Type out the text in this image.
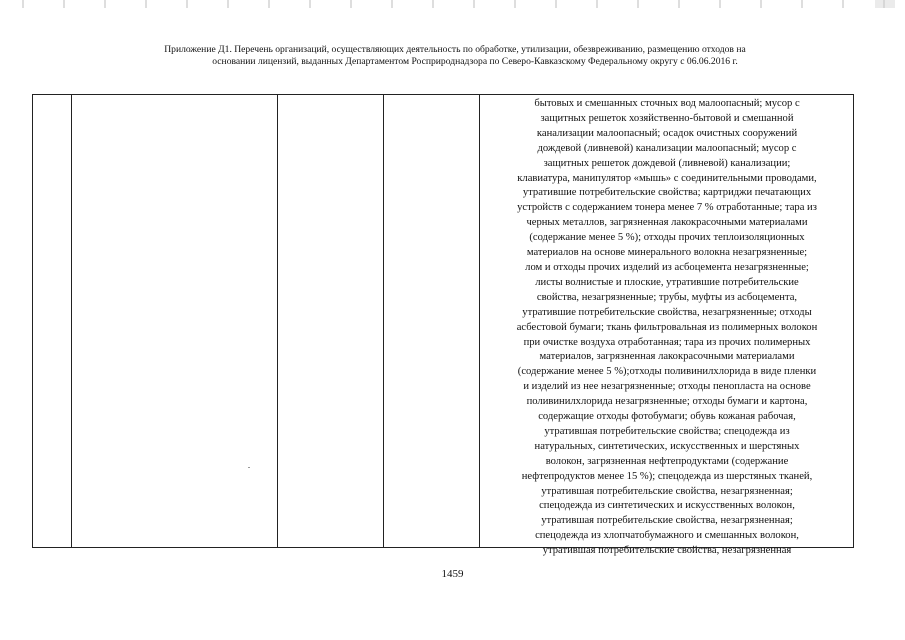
Приложение Д1. Перечень организаций, осуществляющих деятельность по обработке, утилизации, обезвреживанию, размещению отходов на
основании лицензий, выданных Департаментом Росприроднадзора по Северо-Кавказскому Федеральному округу с 06.06.2016 г.
бытовых и смешанных сточных вод малоопасный; мусор с
защитных решеток хозяйственно-бытовой и смешанной
канализации малоопасный; осадок очистных сооружений
дождевой (ливневой) канализации малоопасный; мусор с
защитных решеток дождевой (ливневой) канализации;
клавиатура, манипулятор «мышь» с соединительными проводами,
утратившие потребительские свойства; картриджи печатающих
устройств с содержанием тонера менее 7 % отработанные; тара из
черных металлов, загрязненная лакокрасочными материалами
(содержание менее 5 %); отходы прочих теплоизоляционных
материалов на основе минерального волокна незагрязненные;
лом и отходы прочих изделий из асбоцемента незагрязненные;
листы волнистые и плоские, утратившие потребительские
свойства, незагрязненные; трубы, муфты из асбоцемента,
утратившие потребительские свойства, незагрязненные; отходы
асбестовой бумаги; ткань фильтровальная из полимерных волокон
при очистке воздуха отработанная; тара из прочих полимерных
материалов, загрязненная лакокрасочными материалами
(содержание менее 5 %);отходы поливинилхлорида в виде пленки
и изделий из нее незагрязненные; отходы пенопласта на основе
поливинилхлорида незагрязненные; отходы бумаги и картона,
содержащие отходы фотобумаги; обувь кожаная рабочая,
утратившая потребительские свойства; спецодежда из
натуральных, синтетических, искусственных и шерстяных
волокон, загрязненная нефтепродуктами (содержание
нефтепродуктов менее 15 %); спецодежда из шерстяных тканей,
утратившая потребительские свойства, незагрязненная;
спецодежда из синтетических и искусственных волокон,
утратившая потребительские свойства, незагрязненная;
спецодежда из хлопчатобумажного и смешанных волокон,
утратившая потребительские свойства, незагрязненная
1459
